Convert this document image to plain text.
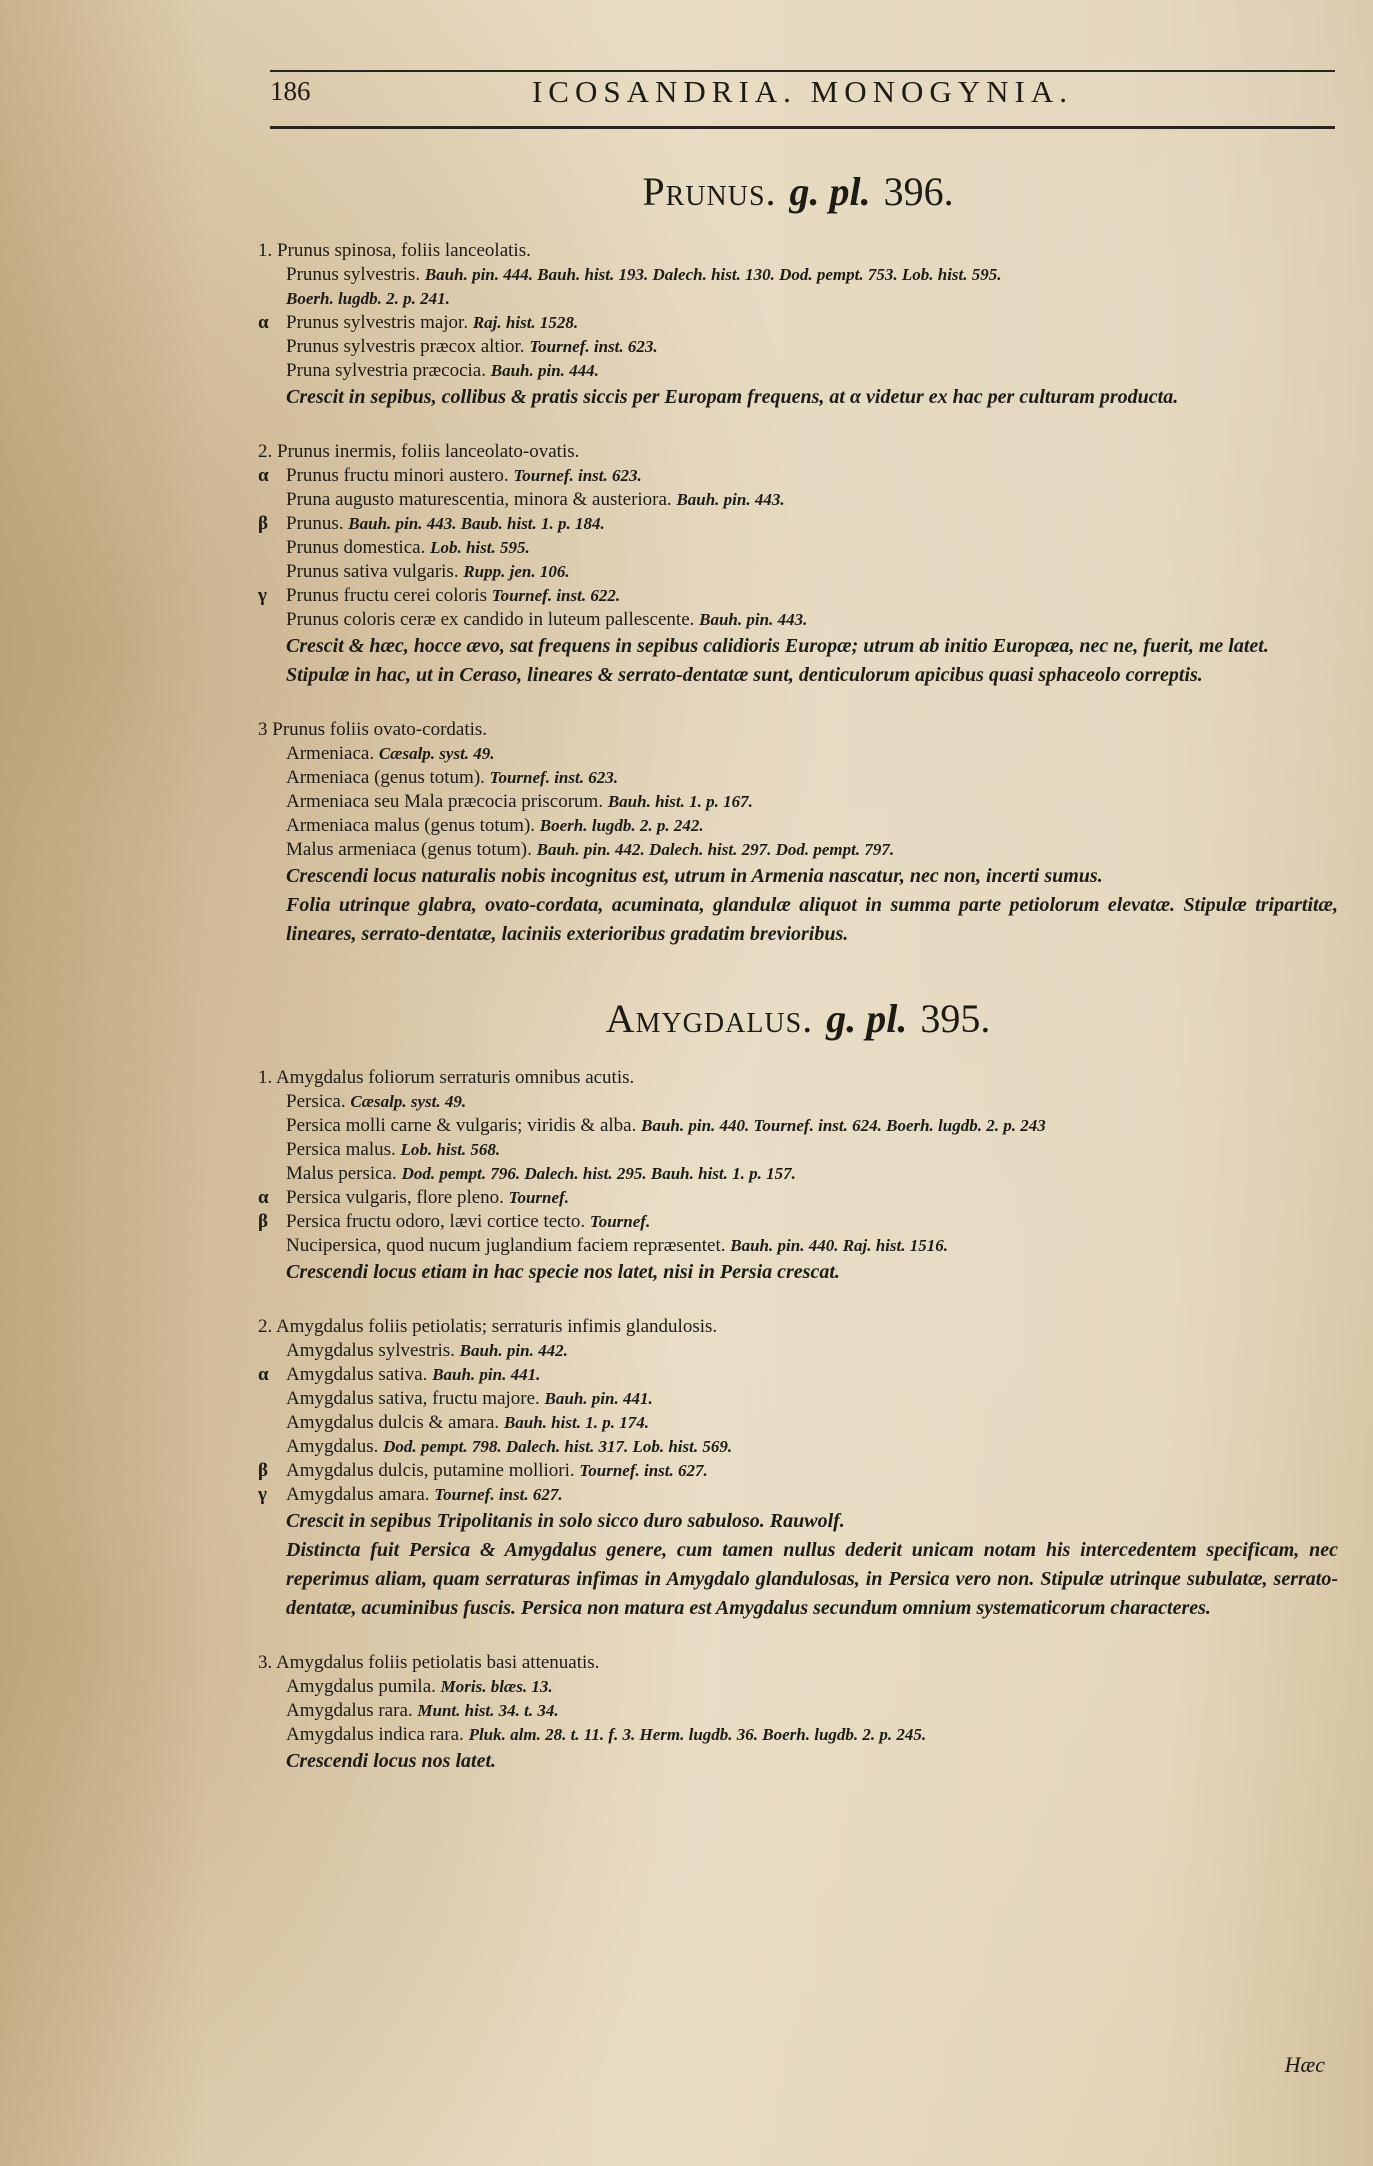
186	ICOSANDRIA. MONOGYNIA.
Prunus. g. pl. 396.
1. Prunus spinosa, foliis lanceolatis.
Prunus sylvestris. Bauh. pin. 444. Bauh. hist. 193. Dalech. hist. 130. Dod. pempt. 753. Lob. hist. 595.
Boerh. lugdb. 2. p. 241.
α Prunus sylvestris major. Raj. hist. 1528.
Prunus sylvestris præcox altior. Tournef. inst. 623.
Pruna sylvestria præcocia. Bauh. pin. 444.
Crescit in sepibus, collibus & pratis siccis per Europam frequens, at α videtur ex hac per culturam producta.
2. Prunus inermis, foliis lanceolato-ovatis.
α Prunus fructu minori austero. Tournef. inst. 623.
Pruna augusto maturescentia, minora & austeriora. Bauh. pin. 443.
β Prunus. Bauh. pin. 443. Baub. hist. 1. p. 184.
Prunus domestica. Lob. hist. 595.
Prunus sativa vulgaris. Rupp. jen. 106.
γ	Prunus fructu cerei coloris Tournef. inst. 622.
Prunus coloris ceræ ex candido in luteum pallescente. Bauh. pin. 443.
Crescit & hæc, hocce ævo, sat frequens in sepibus calidioris Europæ; utrum ab initio Europæa, nec ne, fuerit, me latet.
Stipulæ in hac, ut in Cerasо, lineares & serrato-dentatæ sunt, denticulorum apicibus quasi sphaceolo correptis.
3 Prunus foliis ovato-cordatis.
Armeniaca. Cæsalp. syst. 49.
Armeniaca (genus totum). Tournef. inst. 623.
Armeniaca seu Mala præcocia priscorum. Bauh. hist. 1. p. 167.
Armeniaca malus (genus totum). Boerh. lugdb. 2. p. 242.
Malus armeniaca (genus totum). Bauh. pin. 442. Dalech. hist. 297. Dod. pempt. 797.
Crescendi locus naturalis nobis incognitus est, utrum in Armenia nascatur, nec non, incerti sumus.
Folia utrinque glabra, ovato-cordata, acuminata, glandulæ aliquot in summa parte petiolorum elevatæ. Stipulæ tripartitæ, lineares, serrato-dentatæ, laciniis exterioribus gradatim brevioribus.
Amygdalus. g. pl. 395.
1. Amygdalus foliorum serraturis omnibus acutis.
Persica. Cæsalp. syst. 49.
Persica molli carne & vulgaris; viridis & alba. Bauh. pin. 440. Tournef. inst. 624. Boerh. lugdb. 2. p. 243
Persica malus. Lob. hist. 568.
Malus persica. Dod. pempt. 796. Dalech. hist. 295. Bauh. hist. 1. p. 157.
α Persica vulgaris, flore pleno. Tournef.
β Persica fructu odoro, lævi cortice tecto. Tournef.
Nucipersica, quod nucum juglandium faciem repræsentet. Bauh. pin. 440. Raj. hist. 1516.
Crescendi locus etiam in hac specie nos latet, nisi in Persia crescat.
2. Amygdalus foliis petiolatis; serraturis infimis glandulosis.
Amygdalus sylvestris. Bauh. pin. 442.
α Amygdalus sativa. Bauh. pin. 441.
Amygdalus sativa, fructu majore. Bauh. pin. 441.
Amygdalus dulcis & amara. Bauh. hist. 1. p. 174.
Amygdalus. Dod. pempt. 798. Dalech. hist. 317. Lob. hist. 569.
β Amygdalus dulcis, putamine molliori. Tournef. inst. 627.
γ	Amygdalus amara. Tournef. inst. 627.
Crescit in sepibus Tripolitanis in solo sicco duro sabuloso. Rauwolf.
Distincta fuit Persica & Amygdalus genere, cum tamen nullus dederit unicam notam his intercedentem specificam, nec reperimus aliam, quam serraturas infimas in Amygdalo glandulosas, in Persica vero non. Stipulæ utrinque subulatæ, serrato-dentatæ, acuminibus fuscis. Persica non matura est Amygdalus secundum omnium systematicorum characteres.
3. Amygdalus foliis petiolatis basi attenuatis.
Amygdalus pumila. Moris. blæs. 13.
Amygdalus rara. Munt. hist. 34. t. 34.
Amygdalus indica rara. Pluk. alm. 28. t. 11. f. 3. Herm. lugdb. 36. Boerh. lugdb. 2. p. 245.
Crescendi locus nos latet.
Hæc
